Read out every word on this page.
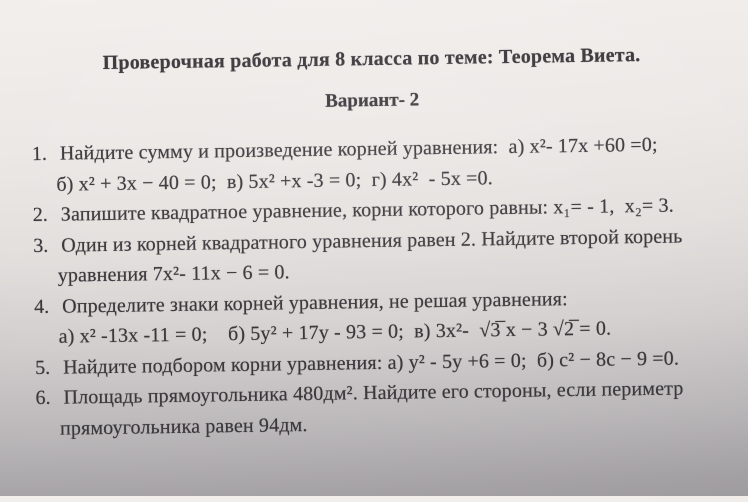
Проверочная работа для 8 класса по теме: Теорема Виета.
Вариант- 2
1. Найдите сумму и произведение корней уравнения:  а) x²- 17x +60 =0;
б) x² + 3x − 40 = 0;  в) 5x² +x -3 = 0;  г) 4x²  - 5x =0.
2. Запишите квадратное уравнение, корни которого равны: x₁= - 1,  x₂= 3.
3. Один из корней квадратного уравнения равен 2. Найдите второй корень
уравнения 7x²- 11x − 6 = 0.
4. Определите знаки корней уравнения, не решая уравнения:
а) x² -13x -11 = 0;    б) 5y² + 17y - 93 = 0;  в) 3x²-  √3̅ x − 3 √2̅ = 0.
5. Найдите подбором корни уравнения: а) y² - 5y +6 = 0;  б) c² − 8c − 9 =0.
6. Площадь прямоугольника 480дм². Найдите его стороны, если периметр
прямоугольника равен 94дм.
